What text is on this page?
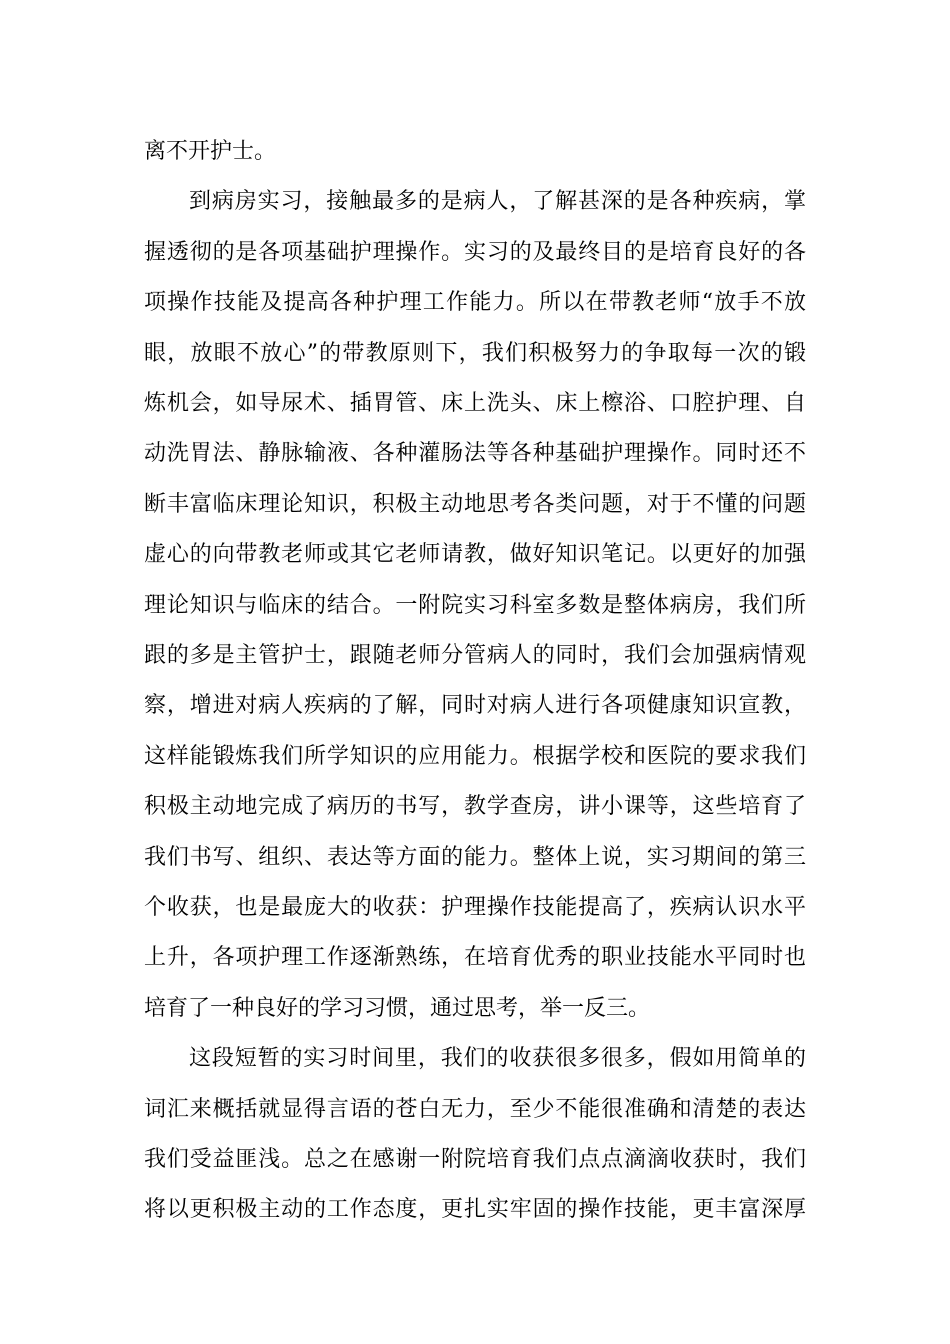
离不开护士。
到病房实习，接触最多的是病人，了解甚深的是各种疾病，掌
握透彻的是各项基础护理操作。实习的及最终目的是培育良好的各
项操作技能及提高各种护理工作能力。所以在带教老师“放手不放
眼，放眼不放心”的带教原则下，我们积极努力的争取每一次的锻
炼机会，如导尿术、插胃管、床上洗头、床上檫浴、口腔护理、自
动洗胃法、静脉输液、各种灌肠法等各种基础护理操作。同时还不
断丰富临床理论知识，积极主动地思考各类问题，对于不懂的问题
虚心的向带教老师或其它老师请教，做好知识笔记。以更好的加强
理论知识与临床的结合。一附院实习科室多数是整体病房，我们所
跟的多是主管护士，跟随老师分管病人的同时，我们会加强病情观
察，增进对病人疾病的了解，同时对病人进行各项健康知识宣教，
这样能锻炼我们所学知识的应用能力。根据学校和医院的要求我们
积极主动地完成了病历的书写，教学查房，讲小课等，这些培育了
我们书写、组织、表达等方面的能力。整体上说，实习期间的第三
个收获，也是最庞大的收获：护理操作技能提高了，疾病认识水平
上升，各项护理工作逐渐熟练，在培育优秀的职业技能水平同时也
培育了一种良好的学习习惯，通过思考，举一反三。
这段短暂的实习时间里，我们的收获很多很多，假如用简单的
词汇来概括就显得言语的苍白无力，至少不能很准确和清楚的表达
我们受益匪浅。总之在感谢一附院培育我们点点滴滴收获时，我们
将以更积极主动的工作态度，更扎实牢固的操作技能，更丰富深厚
